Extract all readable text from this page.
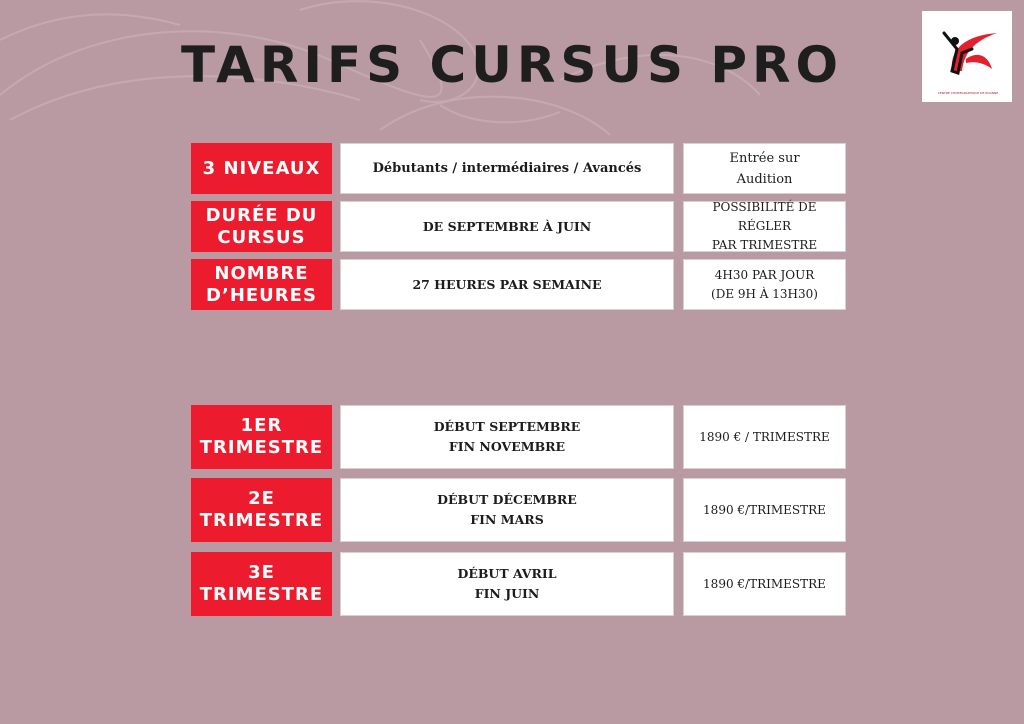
TARIFS CURSUS PRO	CENTRE CHOREGRAPHIQUE DE ROANNE
3 NIVEAUX	Débutants / intermédiaires / Avancés
Entrée sur
Audition
DURÉE DU
CURSUS
DE SEPTEMBRE À JUIN
POSSIBILITÉ DE RÉGLER
PAR TRIMESTRE
NOMBRE
D’HEURES
27 HEURES PAR SEMAINE
4H30 PAR JOUR
(DE 9H À 13H30)
1ER
TRIMESTRE
DÉBUT SEPTEMBRE
FIN NOVEMBRE
1890 € / TRIMESTRE
2E
TRIMESTRE
DÉBUT DÉCEMBRE
FIN MARS
1890 €/TRIMESTRE
3E
TRIMESTRE
DÉBUT AVRIL
FIN JUIN
1890 €/TRIMESTRE
